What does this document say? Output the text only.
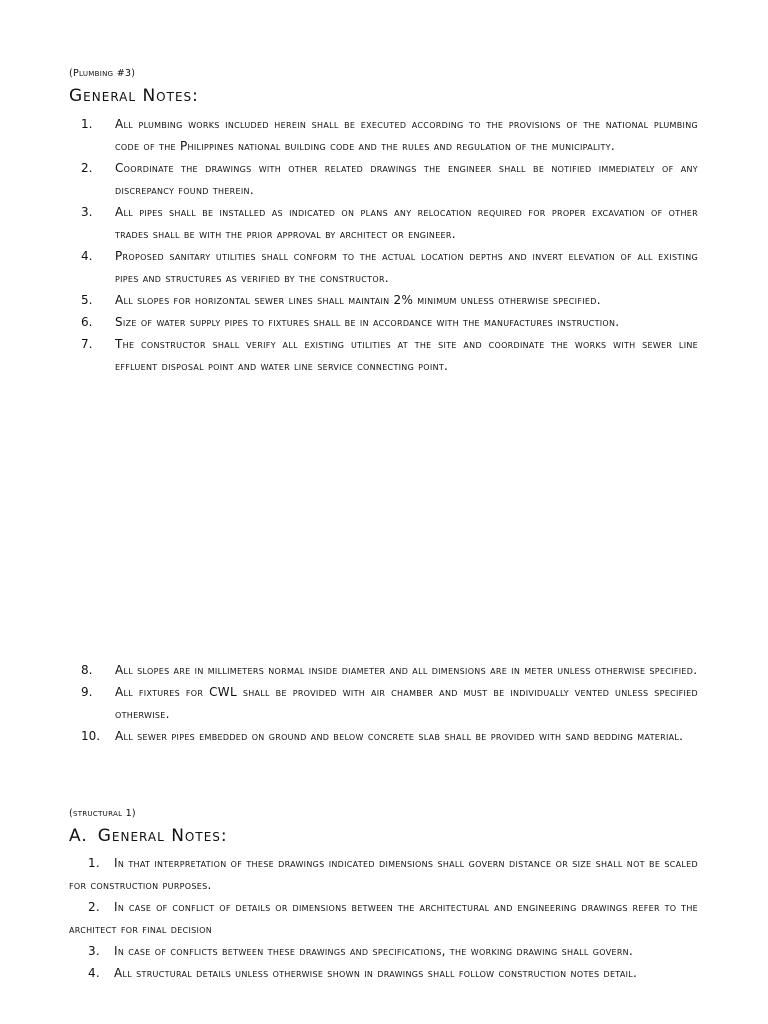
(Plumbing #3)
General Notes:
1.	All plumbing works included herein shall be executed according to the provisions of the national plumbing code of the Philippines national building code and the rules and regulation of the municipality.
2.	Coordinate the drawings with other related drawings the engineer shall be notified immediately of any discrepancy found therein.
3.	All pipes shall be installed as indicated on plans any relocation required for proper excavation of other trades shall be with the prior approval by architect or engineer.
4.	Proposed sanitary utilities shall conform to the actual location depths and invert elevation of all existing pipes and structures as verified by the constructor.
5.	All slopes for horizontal sewer lines shall maintain 2% minimum unless otherwise specified.
6.	Size of water supply pipes to fixtures shall be in accordance with the manufactures instruction.
7.	The constructor shall verify all existing utilities at the site and coordinate the works with sewer line effluent disposal point and water line service connecting point.
8.	All slopes are in millimeters normal inside diameter and all dimensions are in meter unless otherwise specified.
9.	All fixtures for CWL shall be provided with air chamber and must be individually vented unless specified otherwise.
10.	All sewer pipes embedded on ground and below concrete slab shall be provided with sand bedding material.
(structural 1)
A. General Notes:
1. In that interpretation of these drawings indicated dimensions shall govern distance or size shall not be scaled for construction purposes.
2. In case of conflict of details or dimensions between the architectural and engineering drawings refer to the architect for final decision
3. In case of conflicts between these drawings and specifications, the working drawing shall govern.
4. All structural details unless otherwise shown in drawings shall follow construction notes detail.
